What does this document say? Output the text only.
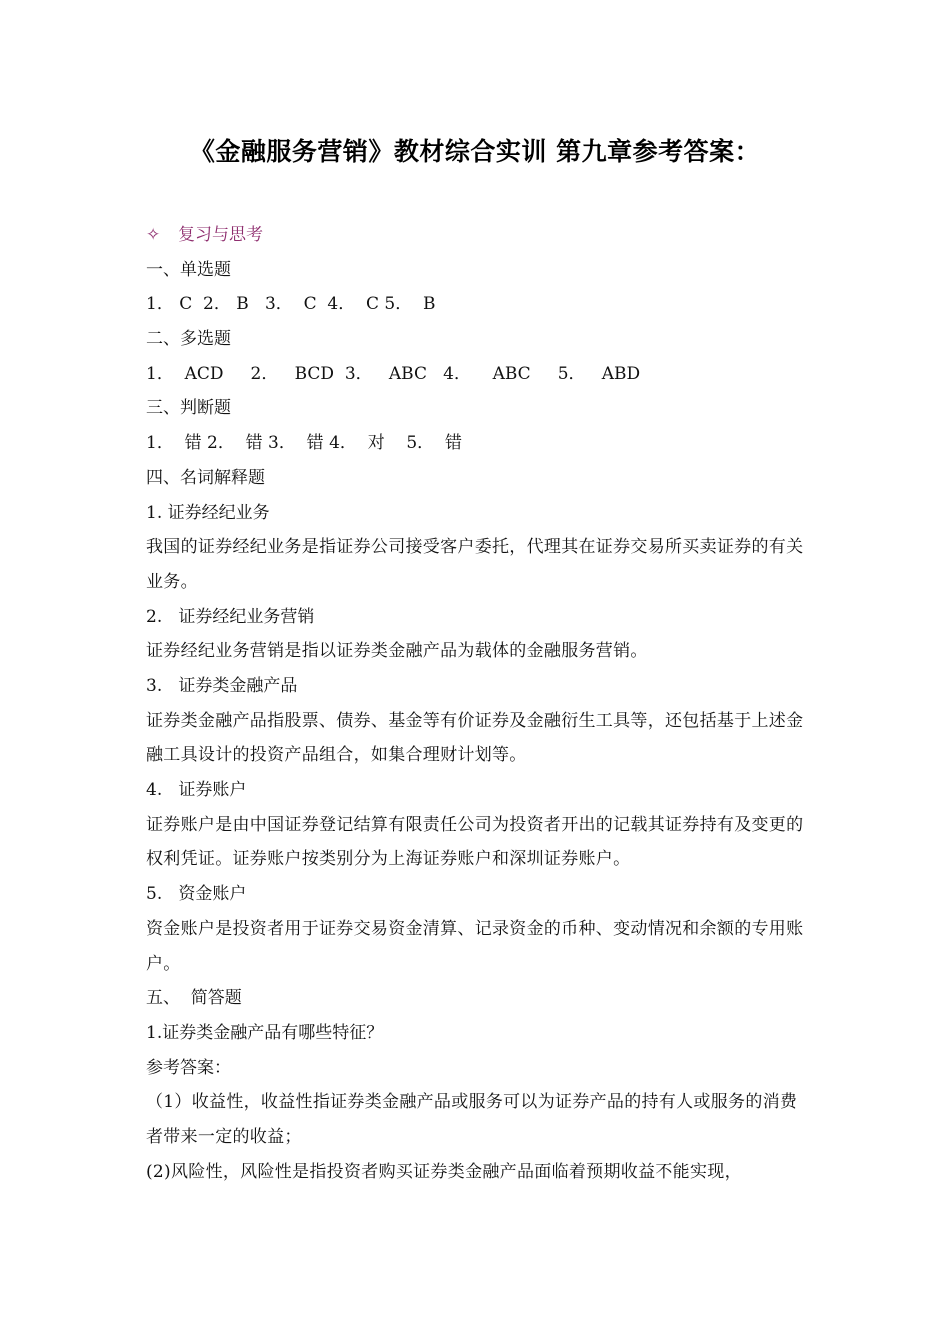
《金融服务营销》教材综合实训 第九章参考答案：
✧ 复习与思考
一、单选题
1． C  2． B   3．  C  4．  C 5．  B
二、多选题
1．  ACD     2．   BCD  3．   ABC   4．    ABC     5．   ABD
三、判断题
1．  错 2．  错 3．  错 4．  对    5．  错
四、名词解释题
1. 证券经纪业务
我国的证券经纪业务是指证券公司接受客户委托，代理其在证券交易所买卖证券的有关业务。
2.   证券经纪业务营销
证券经纪业务营销是指以证券类金融产品为载体的金融服务营销。
3.   证券类金融产品
证券类金融产品指股票、债券、基金等有价证券及金融衍生工具等，还包括基于上述金融工具设计的投资产品组合，如集合理财计划等。
4.   证券账户
证券账户是由中国证券登记结算有限责任公司为投资者开出的记载其证券持有及变更的权利凭证。证券账户按类别分为上海证券账户和深圳证券账户。
5.   资金账户
资金账户是投资者用于证券交易资金清算、记录资金的币种、变动情况和余额的专用账户。
五、  简答题
1.证券类金融产品有哪些特征？
参考答案：
（1）收益性，收益性指证券类金融产品或服务可以为证券产品的持有人或服务的消费者带来一定的收益；
(2)风险性，风险性是指投资者购买证券类金融产品面临着预期收益不能实现，
